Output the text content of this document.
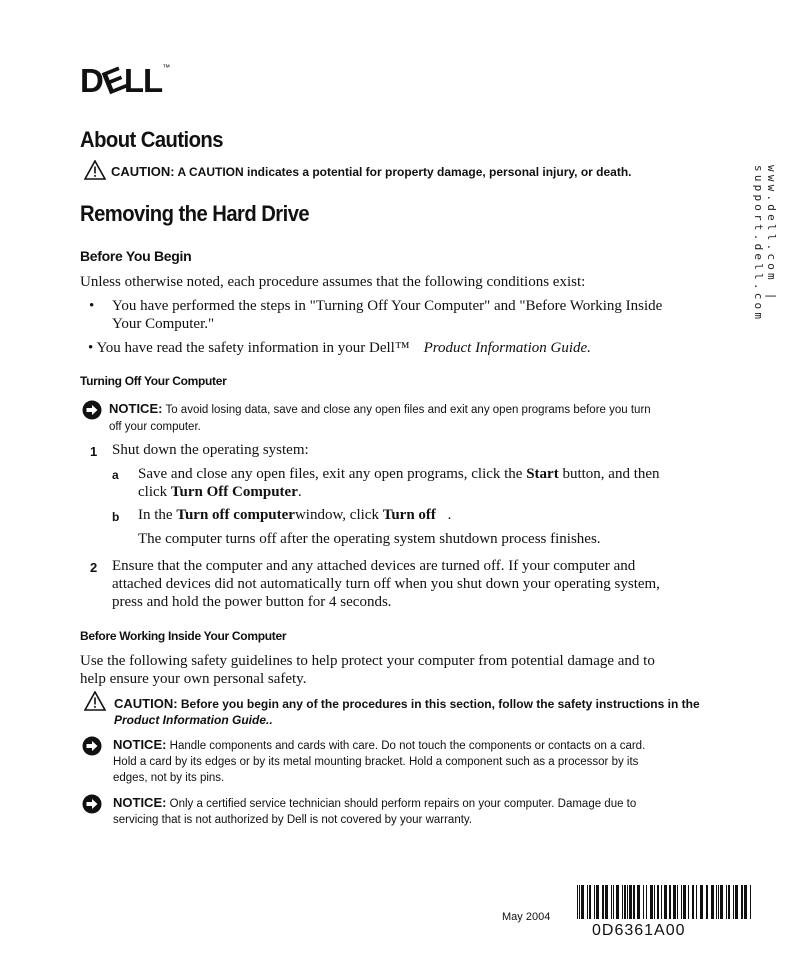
DELL™
www.dell.com | support.dell.com
About Cautions
CAUTION: A CAUTION indicates a potential for property damage, personal injury, or death.
Removing the Hard Drive
Before You Begin
Unless otherwise noted, each procedure assumes that the following conditions exist:
• You have performed the steps in "Turning Off Your Computer" and "Before Working Inside
Your Computer."
• You have read the safety information in your Dell™ Product Information Guide.
Turning Off Your Computer
NOTICE: To avoid losing data, save and close any open files and exit any open programs before you turn
off your computer.
1 Shut down the operating system:
a Save and close any open files, exit any open programs, click the Start button, and then
click Turn Off Computer.
b In the Turn off computerwindow, click Turn off .
The computer turns off after the operating system shutdown process finishes.
2 Ensure that the computer and any attached devices are turned off. If your computer and
attached devices did not automatically turn off when you shut down your operating system,
press and hold the power button for 4 seconds.
Before Working Inside Your Computer
Use the following safety guidelines to help protect your computer from potential damage and to
help ensure your own personal safety.
CAUTION: Before you begin any of the procedures in this section, follow the safety instructions in the
Product Information Guide..
NOTICE: Handle components and cards with care. Do not touch the components or contacts on a card.
Hold a card by its edges or by its metal mounting bracket. Hold a component such as a processor by its
edges, not by its pins.
NOTICE: Only a certified service technician should perform repairs on your computer. Damage due to
servicing that is not authorized by Dell is not covered by your warranty.
May 2004
0D6361A00
